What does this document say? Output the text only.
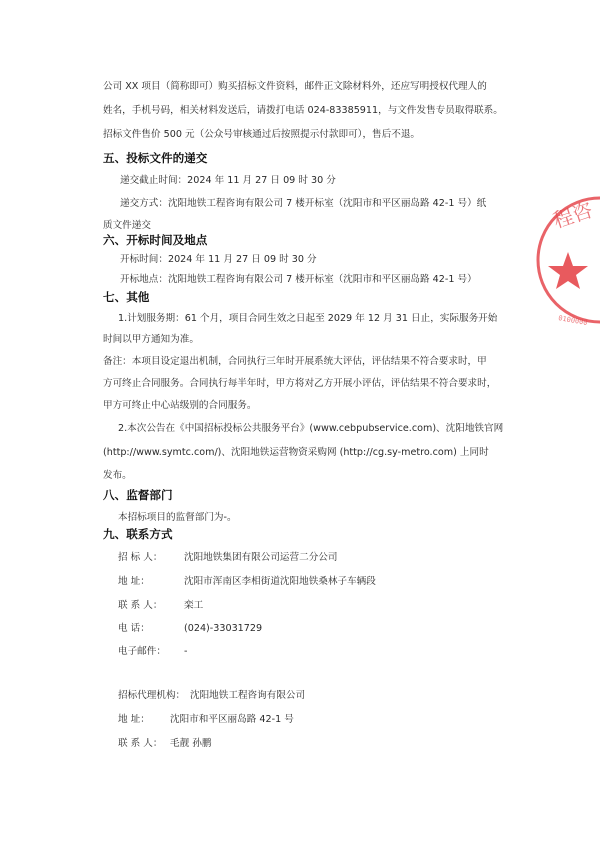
公司 XX 项目（简称即可）购买招标文件资料，邮件正文除材料外，还应写明授权代理人的
姓名，手机号码，相关材料发送后，请拨打电话 024-83385911，与文件发售专员取得联系。
招标文件售价 500 元（公众号审核通过后按照提示付款即可），售后不退。
五、投标文件的递交
递交截止时间：2024 年 11 月 27 日 09 时 30 分
递交方式：沈阳地铁工程咨询有限公司 7 楼开标室（沈阳市和平区丽岛路 42-1 号）纸
质文件递交
六、开标时间及地点
开标时间：2024 年 11 月 27 日 09 时 30 分
开标地点：沈阳地铁工程咨询有限公司 7 楼开标室（沈阳市和平区丽岛路 42-1 号）
七、其他
1.计划服务期：61 个月，项目合同生效之日起至 2029 年 12 月 31 日止，实际服务开始
时间以甲方通知为准。
备注：本项目设定退出机制，合同执行三年时开展系统大评估，评估结果不符合要求时，甲
方可终止合同服务。合同执行每半年时，甲方将对乙方开展小评估，评估结果不符合要求时，
甲方可终止中心站级别的合同服务。
2.本次公告在《中国招标投标公共服务平台》(www.cebpubservice.com)、沈阳地铁官网
(http://www.symtc.com/)、沈阳地铁运营物资采购网 (http://cg.sy-metro.com) 上同时
发布。
八、监督部门
本招标项目的监督部门为-。
九、联系方式
招 标 人： 沈阳地铁集团有限公司运营二分公司
地 址：	沈阳市浑南区李相街道沈阳地铁桑林子车辆段
联 系 人： 栾工
电 话：	(024)-33031729
电子邮件： -
招标代理机构： 沈阳地铁工程咨询有限公司
地 址： 沈阳市和平区丽岛路 42-1 号
联 系 人： 毛靓 孙鹏
程咨
0100000
